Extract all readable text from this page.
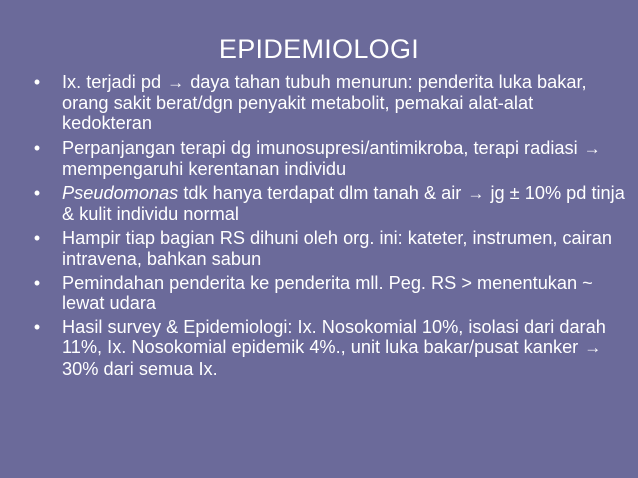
EPIDEMIOLOGI
• Ix. terjadi pd → daya tahan tubuh menurun: penderita luka bakar, orang sakit berat/dgn penyakit metabolit, pemakai alat-alat kedokteran
• Perpanjangan terapi dg imunosupresi/antimikroba, terapi radiasi → mempengaruhi kerentanan individu
• Pseudomonas tdk hanya terdapat dlm tanah & air → jg ± 10% pd tinja & kulit individu normal
• Hampir tiap bagian RS dihuni oleh org. ini: kateter, instrumen, cairan intravena, bahkan sabun
• Pemindahan penderita ke penderita mll. Peg. RS > menentukan ~ lewat udara
• Hasil survey & Epidemiologi: Ix. Nosokomial 10%, isolasi dari darah 11%, Ix. Nosokomial epidemik 4%., unit luka bakar/pusat kanker → 30% dari semua Ix.
